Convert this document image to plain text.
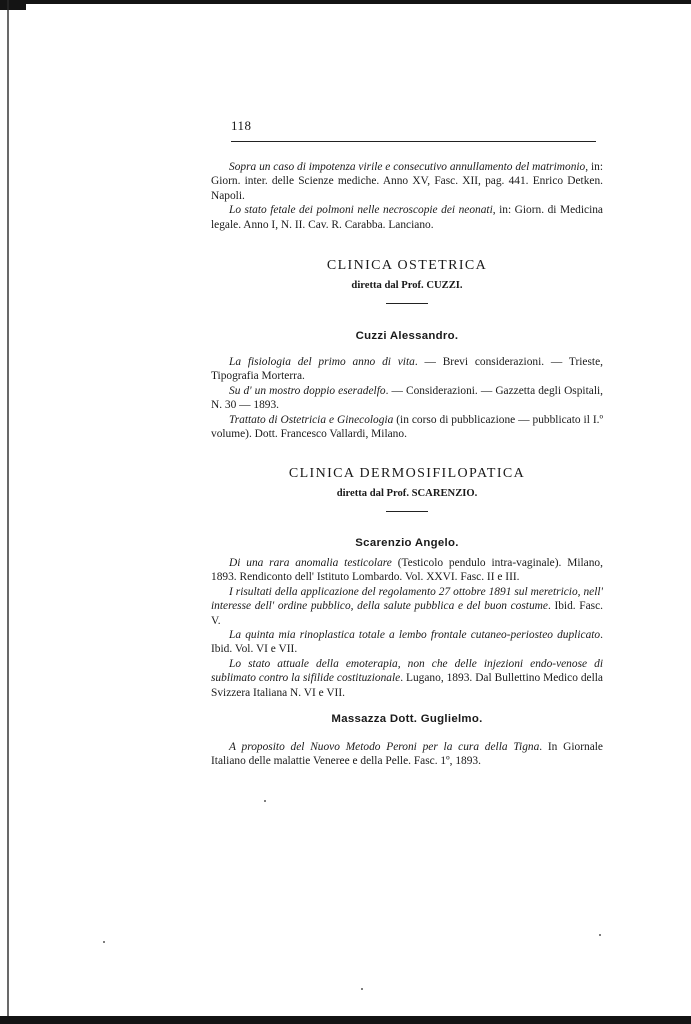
118

Sopra un caso di impotenza virile e consecutivo annullamento del matrimonio, in: Giorn. inter. delle Scienze mediche. Anno XV, Fasc. XII, pag. 441. Enrico Detken. Napoli.

Lo stato fetale dei polmoni nelle necroscopie dei neonati, in: Giorn. di Medicina legale. Anno I, N. II. Cav. R. Carabba. Lanciano.

CLINICA OSTETRICA
diretta dal Prof. CUZZI.
Cuzzi Alessandro.

La fisiologia del primo anno di vita. — Brevi considerazioni. — Trieste, Tipografia Morterra.

Su d' un mostro doppio eseradelfo. — Considerazioni. — Gazzetta degli Ospitali, N. 30 — 1893.

Trattato di Ostetricia e Ginecologia (in corso di pubblicazione — pubblicato il I.º volume). Dott. Francesco Vallardi, Milano.

CLINICA DERMOSIFILOPATICA
diretta dal Prof. SCARENZIO.
Scarenzio Angelo.

Di una rara anomalia testicolare (Testicolo pendulo intra-vaginale). Milano, 1893. Rendiconto dell' Istituto Lombardo. Vol. XXVI. Fasc. II e III.

I risultati della applicazione del regolamento 27 ottobre 1891 sul meretricio, nell' interesse dell' ordine pubblico, della salute pubblica e del buon costume. Ibid. Fasc. V.

La quinta mia rinoplastica totale a lembo frontale cutaneo-periosteo duplicato. Ibid. Vol. VI e VII.

Lo stato attuale della emoterapia, non che delle injezioni endo-venose di sublimato contro la sifilide costituzionale. Lugano, 1893. Dal Bullettino Medico della Svizzera Italiana N. VI e VII.

Massazza Dott. Guglielmo.

A proposito del Nuovo Metodo Peroni per la cura della Tigna. In Giornale Italiano delle malattie Veneree e della Pelle. Fasc. 1º, 1893.
